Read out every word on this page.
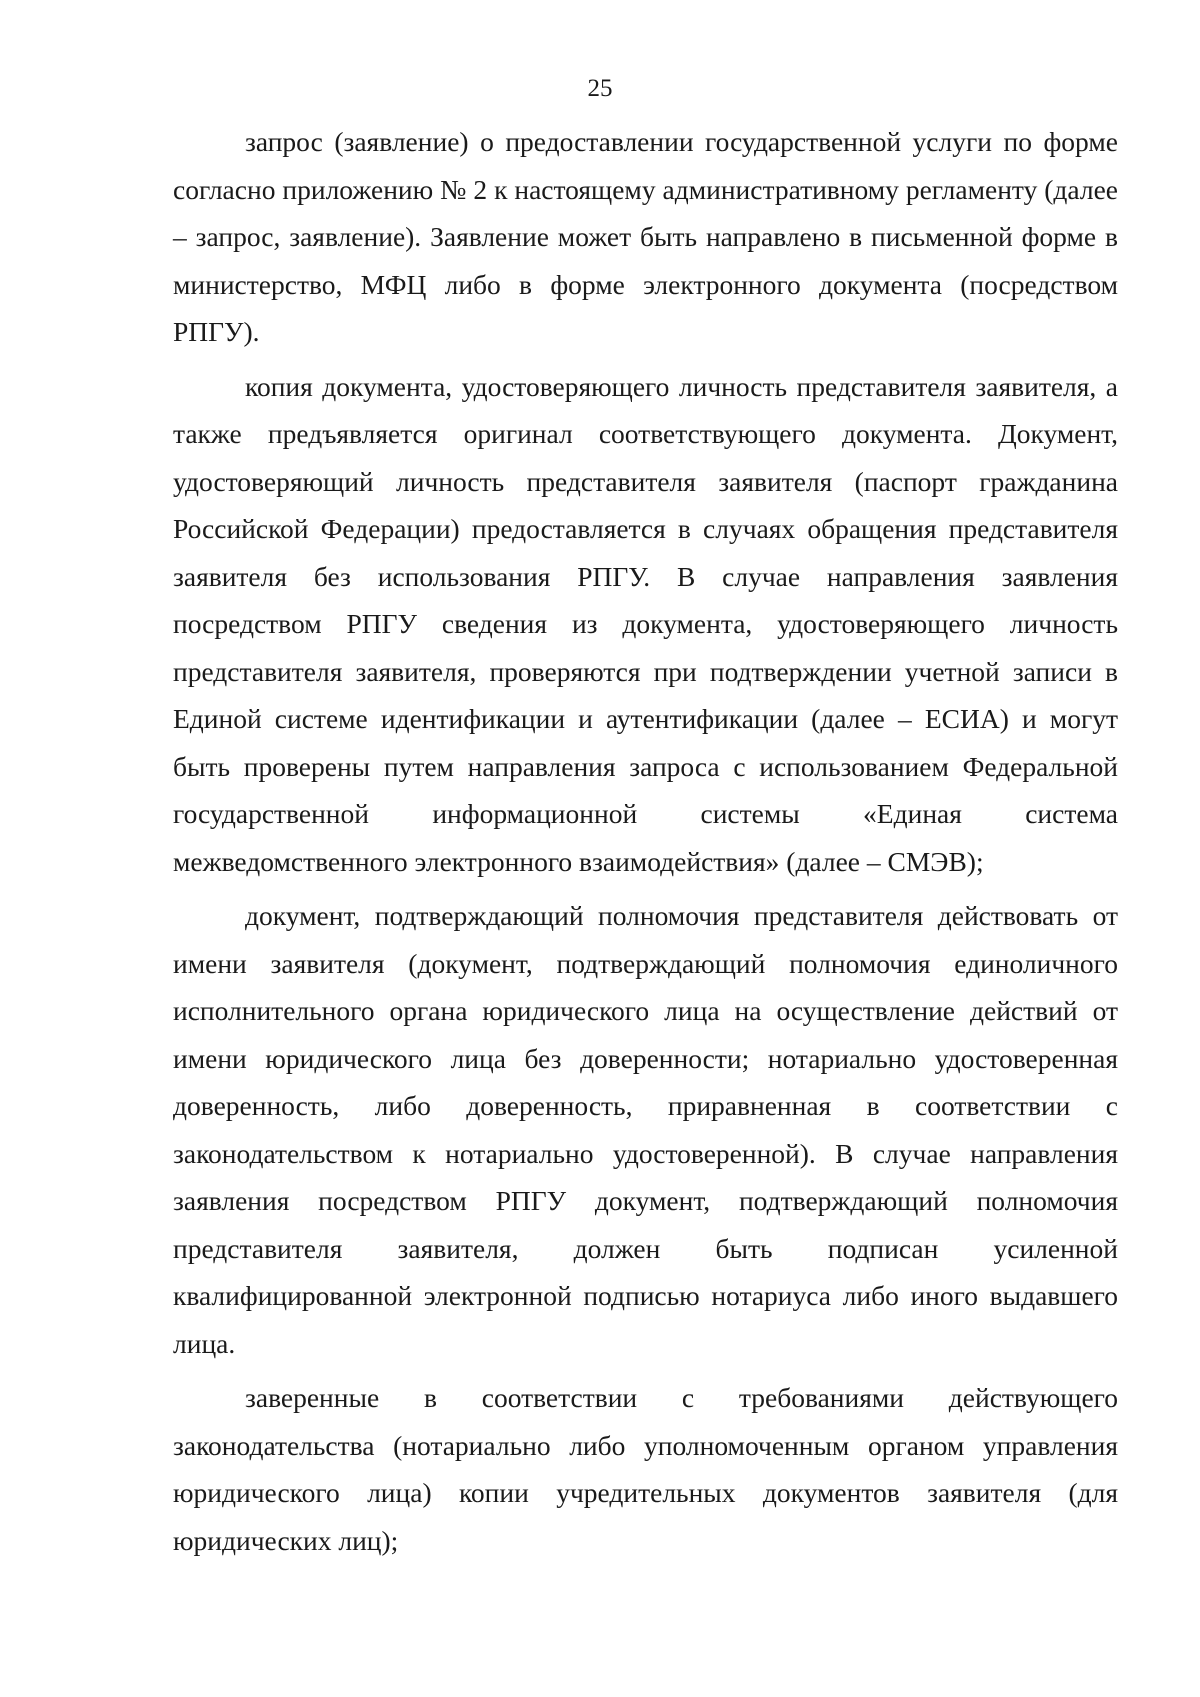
25

запрос (заявление) о предоставлении государственной услуги по форме согласно приложению № 2 к настоящему административному регламенту (далее – запрос, заявление). Заявление может быть направлено в письменной форме в министерство, МФЦ либо в форме электронного документа (посредством РПГУ).

копия документа, удостоверяющего личность представителя заявителя, а также предъявляется оригинал соответствующего документа. Документ, удостоверяющий личность представителя заявителя (паспорт гражданина Российской Федерации) предоставляется в случаях обращения представителя заявителя без использования РПГУ. В случае направления заявления посредством РПГУ сведения из документа, удостоверяющего личность представителя заявителя, проверяются при подтверждении учетной записи в Единой системе идентификации и аутентификации (далее – ЕСИА) и могут быть проверены путем направления запроса с использованием Федеральной государственной информационной системы «Единая система межведомственного электронного взаимодействия» (далее – СМЭВ);

документ, подтверждающий полномочия представителя действовать от имени заявителя (документ, подтверждающий полномочия единоличного исполнительного органа юридического лица на осуществление действий от имени юридического лица без доверенности; нотариально удостоверенная доверенность, либо доверенность, приравненная в соответствии с законодательством к нотариально удостоверенной). В случае направления заявления посредством РПГУ документ, подтверждающий полномочия представителя заявителя, должен быть подписан усиленной квалифицированной электронной подписью нотариуса либо иного выдавшего лица.

заверенные в соответствии с требованиями действующего законодательства (нотариально либо уполномоченным органом управления юридического лица) копии учредительных документов заявителя (для юридических лиц);
